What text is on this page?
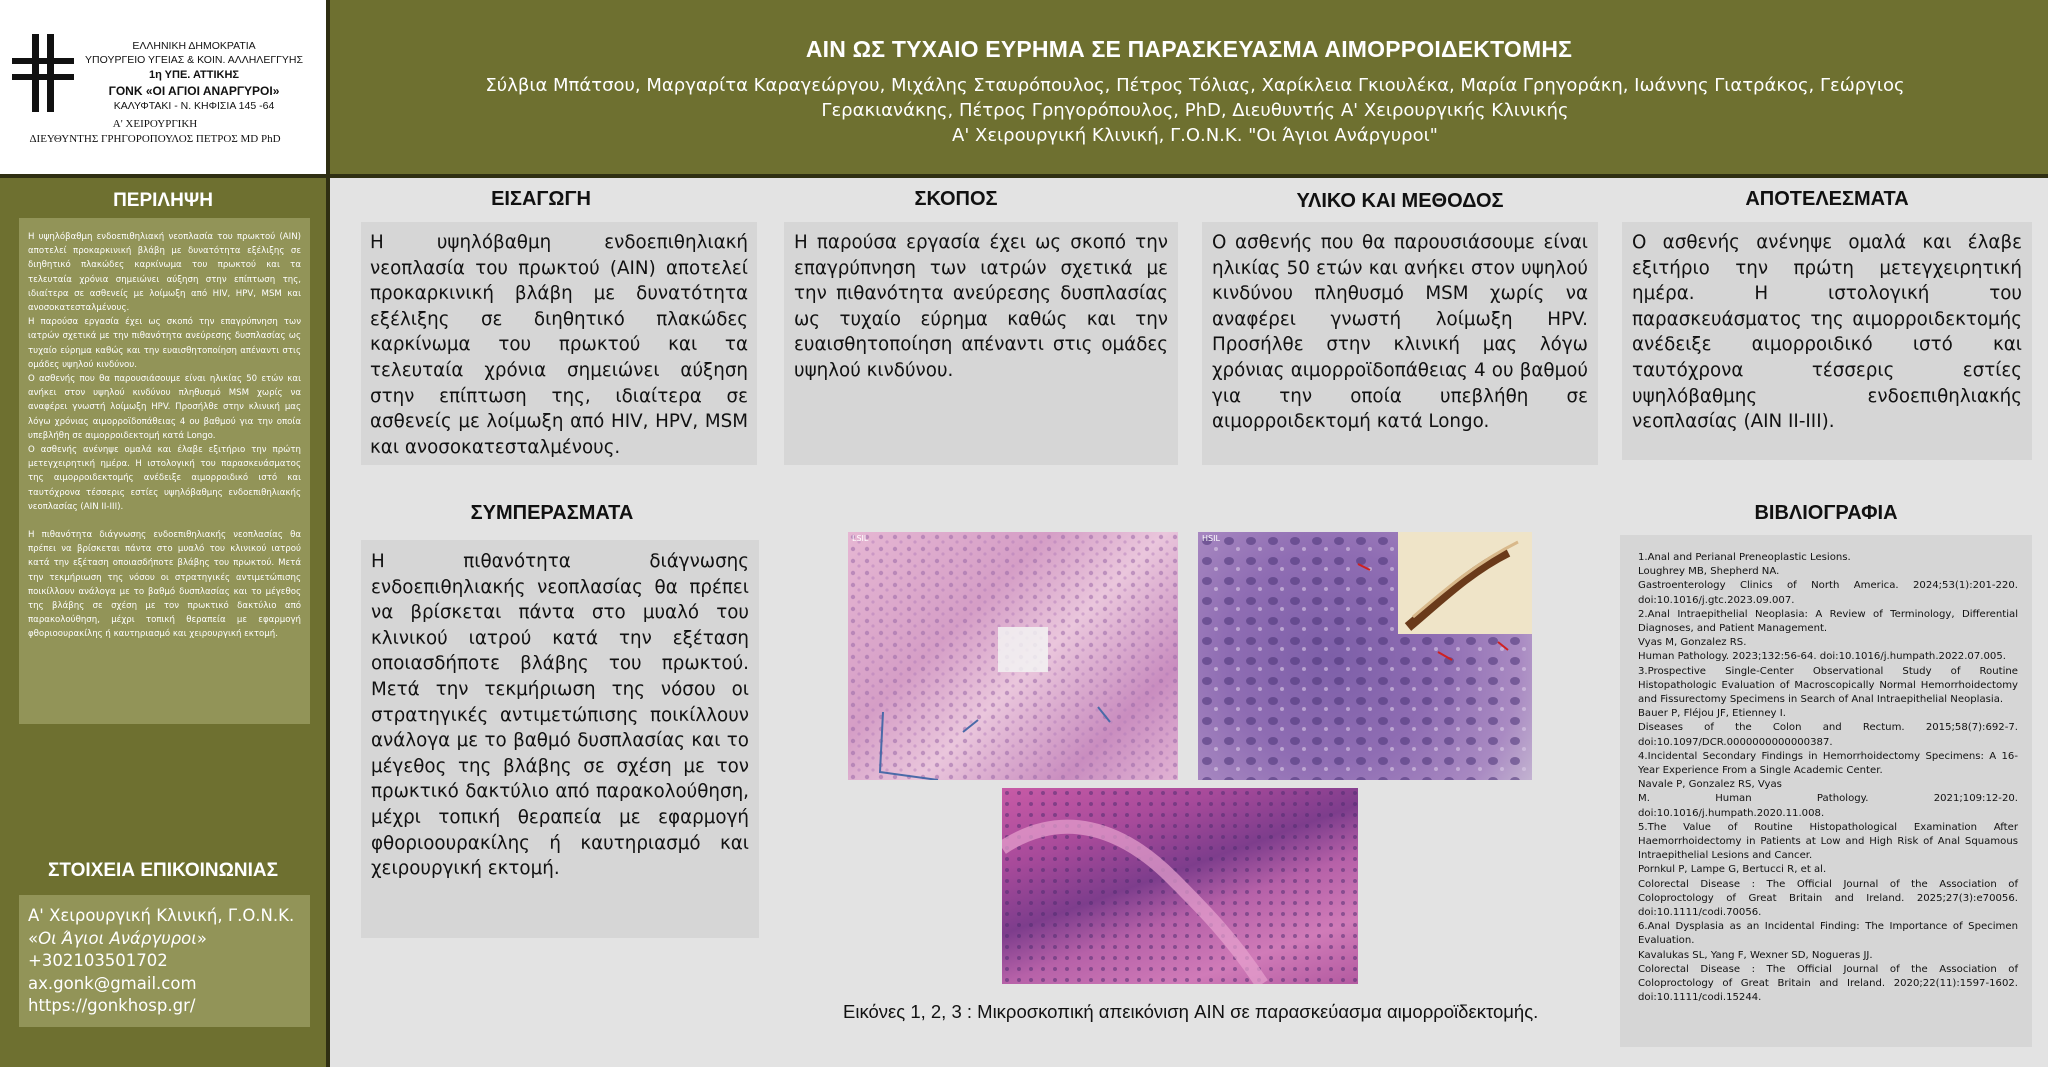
ΕΛΛΗΝΙΚΗ ΔΗΜΟΚΡΑΤΙΑ
ΥΠΟΥΡΓΕΙΟ ΥΓΕΙΑΣ & ΚΟΙΝ. ΑΛΛΗΛΕΓΓΥΗΣ
1η ΥΠΕ. ΑΤΤΙΚΗΣ
ΓΟΝΚ «ΟΙ ΑΓΙΟΙ ΑΝΑΡΓΥΡΟΙ»
ΚΑΛΥΦΤΑΚΙ - Ν. ΚΗΦΙΣΙΑ 145 -64
Α' ΧΕΙΡΟΥΡΓΙΚΗ
ΔΙΕΥΘΥΝΤΗΣ ΓΡΗΓΟΡΟΠΟΥΛΟΣ ΠΕΤΡΟΣ MD PhD
ΑΙΝ ΩΣ ΤΥΧΑΙΟ ΕΥΡΗΜΑ ΣΕ ΠΑΡΑΣΚΕΥΑΣΜΑ ΑΙΜΟΡΡΟΙΔΕΚΤΟΜΗΣ
Σύλβια Μπάτσου, Μαργαρίτα Καραγεώργου, Μιχάλης Σταυρόπουλος, Πέτρος Τόλιας, Χαρίκλεια Γκιουλέκα, Μαρία Γρηγοράκη, Ιωάννης Γιατράκος, Γεώργιος
Γερακιανάκης, Πέτρος Γρηγορόπουλος, PhD, Διευθυντής Α' Χειρουργικής Κλινικής
Α' Χειρουργική Κλινική, Γ.Ο.Ν.Κ. "Οι Άγιοι Ανάργυροι"
ΠΕΡΙΛΗΨΗ

Η υψηλόβαθμη ενδοεπιθηλιακή νεοπλασία του πρωκτού (AIN) αποτελεί προκαρκινική βλάβη με δυνατότητα εξέλιξης σε διηθητικό πλακώδες καρκίνωμα του πρωκτού και τα τελευταία χρόνια σημειώνει αύξηση στην επίπτωση της, ιδιαίτερα σε ασθενείς με λοίμωξη από HIV, HPV, MSM και ανοσοκατεσταλμένους.

Η παρούσα εργασία έχει ως σκοπό την επαγρύπνηση των ιατρών σχετικά με την πιθανότητα ανεύρεσης δυσπλασίας ως τυχαίο εύρημα καθώς και την ευαισθητοποίηση απέναντι στις ομάδες υψηλού κινδύνου.

Ο ασθενής που θα παρουσιάσουμε είναι ηλικίας 50 ετών και ανήκει στον υψηλού κινδύνου πληθυσμό MSM χωρίς να αναφέρει γνωστή λοίμωξη HPV. Προσήλθε στην κλινική μας λόγω χρόνιας αιμορροϊδοπάθειας 4 ου βαθμού για την οποία υπεβλήθη σε αιμορροιδεκτομή κατά Longo.

Ο ασθενής ανένηψε ομαλά και έλαβε εξιτήριο την πρώτη μετεγχειρητική ημέρα. Η ιστολογική του παρασκευάσματος της αιμορροιδεκτομής ανέδειξε αιμορροιδικό ιστό και ταυτόχρονα τέσσερις εστίες υψηλόβαθμης ενδοεπιθηλιακής νεοπλασίας (AIN II-III).

Η πιθανότητα διάγνωσης ενδοεπιθηλιακής νεοπλασίας θα πρέπει να βρίσκεται πάντα στο μυαλό του κλινικού ιατρού κατά την εξέταση οποιασδήποτε βλάβης του πρωκτού. Μετά την τεκμήριωση της νόσου οι στρατηγικές αντιμετώπισης ποικίλλουν ανάλογα με το βαθμό δυσπλασίας και το μέγεθος της βλάβης σε σχέση με τον πρωκτικό δακτύλιο από παρακολούθηση, μέχρι τοπική θεραπεία με εφαρμογή φθοριοουρακίλης ή καυτηριασμό και χειρουργική εκτομή.

ΣΤΟΙΧΕΙΑ ΕΠΙΚΟΙΝΩΝΙΑΣ
Α' Χειρουργική Κλινική, Γ.Ο.Ν.Κ.
«Οι Άγιοι Ανάργυροι»
+302103501702
ax.gonk@gmail.com
https://gonkhosp.gr/
ΕΙΣΑΓΩΓΗ	ΣΚΟΠΟΣ	ΥΛΙΚΟ ΚΑΙ ΜΕΘΟΔΟΣ	ΑΠΟΤΕΛΕΣΜΑΤΑ
ΣΥΜΠΕΡΑΣΜΑΤΑ	ΒΙΒΛΙΟΓΡΑΦΙΑ
Η υψηλόβαθμη ενδοεπιθηλιακή νεοπλασία του πρωκτού (AIN) αποτελεί προκαρκινική βλάβη με δυνατότητα εξέλιξης σε διηθητικό πλακώδες καρκίνωμα του πρωκτού και τα τελευταία χρόνια σημειώνει αύξηση στην επίπτωση της, ιδιαίτερα σε ασθενείς με λοίμωξη από HIV, HPV, MSM και ανοσοκατεσταλμένους.
Η παρούσα εργασία έχει ως σκοπό την επαγρύπνηση των ιατρών σχετικά με την πιθανότητα ανεύρεσης δυσπλασίας ως τυχαίο εύρημα καθώς και την ευαισθητοποίηση απέναντι στις ομάδες υψηλού κινδύνου.
Ο ασθενής που θα παρουσιάσουμε είναι ηλικίας 50 ετών και ανήκει στον υψηλού κινδύνου πληθυσμό MSM χωρίς να αναφέρει γνωστή λοίμωξη HPV. Προσήλθε στην κλινική μας λόγω χρόνιας αιμορροϊδοπάθειας 4 ου βαθμού για την οποία υπεβλήθη σε αιμορροιδεκτομή κατά Longo.
Ο ασθενής ανένηψε ομαλά και έλαβε εξιτήριο την πρώτη μετεγχειρητική ημέρα. Η ιστολογική του παρασκευάσματος της αιμορροιδεκτομής ανέδειξε αιμορροιδικό ιστό και ταυτόχρονα τέσσερις εστίες υψηλόβαθμης ενδοεπιθηλιακής νεοπλασίας (AIN II-III).
Η πιθανότητα διάγνωσης ενδοεπιθηλιακής νεοπλασίας θα πρέπει να βρίσκεται πάντα στο μυαλό του κλινικού ιατρού κατά την εξέταση οποιασδήποτε βλάβης του πρωκτού. Μετά την τεκμήριωση της νόσου οι στρατηγικές αντιμετώπισης ποικίλλουν ανάλογα με το βαθμό δυσπλασίας και το μέγεθος της βλάβης σε σχέση με τον πρωκτικό δακτύλιο από παρακολούθηση, μέχρι τοπική θεραπεία με εφαρμογή φθοριοουρακίλης ή καυτηριασμό και χειρουργική εκτομή.
LSIL	HSIL
Εικόνες 1, 2, 3 : Μικροσκοπική απεικόνιση AIN σε παρασκεύασμα αιμορροϊδεκτομής.
1.Anal and Perianal Preneoplastic Lesions.
Loughrey MB, Shepherd NA.
Gastroenterology Clinics of North America. 2024;53(1):201-220. doi:10.1016/j.gtc.2023.09.007.
2.Anal Intraepithelial Neoplasia: A Review of Terminology, Differential Diagnoses, and Patient Management.
Vyas M, Gonzalez RS.
Human Pathology. 2023;132:56-64. doi:10.1016/j.humpath.2022.07.005.
3.Prospective Single-Center Observational Study of Routine Histopathologic Evaluation of Macroscopically Normal Hemorrhoidectomy and Fissurectomy Specimens in Search of Anal Intraepithelial Neoplasia.
Bauer P, Fléjou JF, Etienney I.
Diseases of the Colon and Rectum. 2015;58(7):692-7. doi:10.1097/DCR.0000000000000387.
4.Incidental Secondary Findings in Hemorrhoidectomy Specimens: A 16-Year Experience From a Single Academic Center.
Navale P, Gonzalez RS, Vyas
M. Human Pathology. 2021;109:12-20. doi:10.1016/j.humpath.2020.11.008.
5.The Value of Routine Histopathological Examination After Haemorrhoidectomy in Patients at Low and High Risk of Anal Squamous Intraepithelial Lesions and Cancer.
Pornkul P, Lampe G, Bertucci R, et al.
Colorectal Disease : The Official Journal of the Association of Coloproctology of Great Britain and Ireland. 2025;27(3):e70056. doi:10.1111/codi.70056.
6.Anal Dysplasia as an Incidental Finding: The Importance of Specimen Evaluation.
Kavalukas SL, Yang F, Wexner SD, Nogueras JJ.
Colorectal Disease : The Official Journal of the Association of Coloproctology of Great Britain and Ireland. 2020;22(11):1597-1602. doi:10.1111/codi.15244.
